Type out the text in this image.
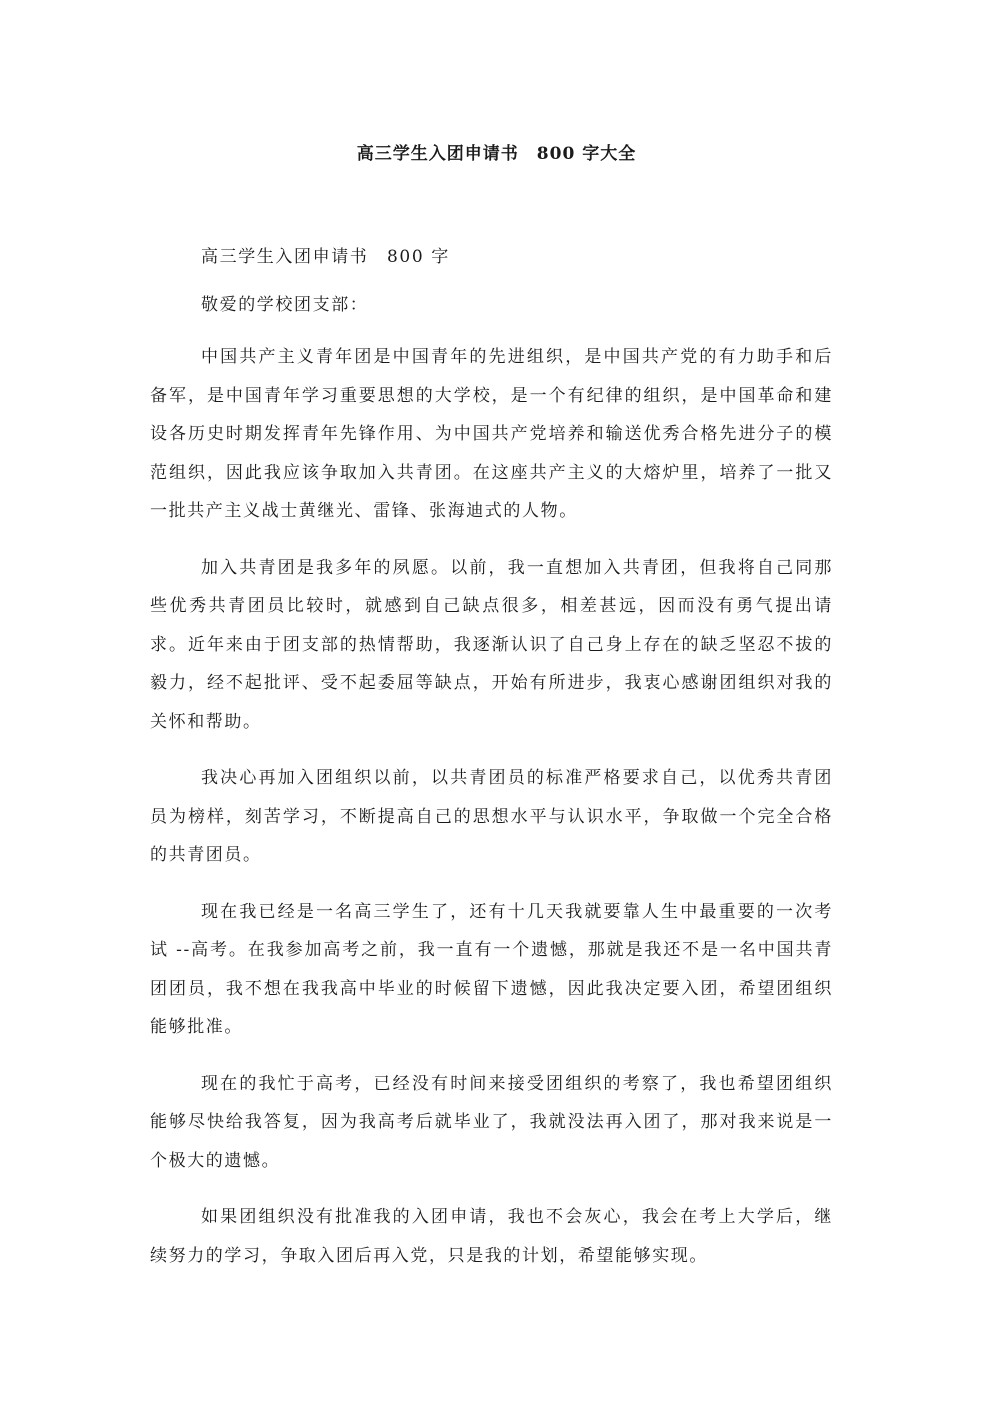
高三学生入团申请书　800 字大全

高三学生入团申请书　800 字

敬爱的学校团支部：

中国共产主义青年团是中国青年的先进组织，是中国共产党的有力助手和后备军，是中国青年学习重要思想的大学校，是一个有纪律的组织，是中国革命和建设各历史时期发挥青年先锋作用、为中国共产党培养和输送优秀合格先进分子的模范组织，因此我应该争取加入共青团。在这座共产主义的大熔炉里，培养了一批又一批共产主义战士黄继光、雷锋、张海迪式的人物。

加入共青团是我多年的夙愿。以前，我一直想加入共青团，但我将自己同那些优秀共青团员比较时，就感到自己缺点很多，相差甚远，因而没有勇气提出请求。近年来由于团支部的热情帮助，我逐渐认识了自己身上存在的缺乏坚忍不拔的毅力，经不起批评、受不起委屈等缺点，开始有所进步，我衷心感谢团组织对我的关怀和帮助。

我决心再加入团组织以前，以共青团员的标准严格要求自己，以优秀共青团员为榜样，刻苦学习，不断提高自己的思想水平与认识水平，争取做一个完全合格的共青团员。

现在我已经是一名高三学生了，还有十几天我就要靠人生中最重要的一次考试 --高考。在我参加高考之前，我一直有一个遗憾，那就是我还不是一名中国共青团团员，我不想在我我高中毕业的时候留下遗憾，因此我决定要入团，希望团组织能够批准。

现在的我忙于高考，已经没有时间来接受团组织的考察了，我也希望团组织能够尽快给我答复，因为我高考后就毕业了，我就没法再入团了，那对我来说是一个极大的遗憾。

如果团组织没有批准我的入团申请，我也不会灰心，我会在考上大学后，继续努力的学习，争取入团后再入党，只是我的计划，希望能够实现。
